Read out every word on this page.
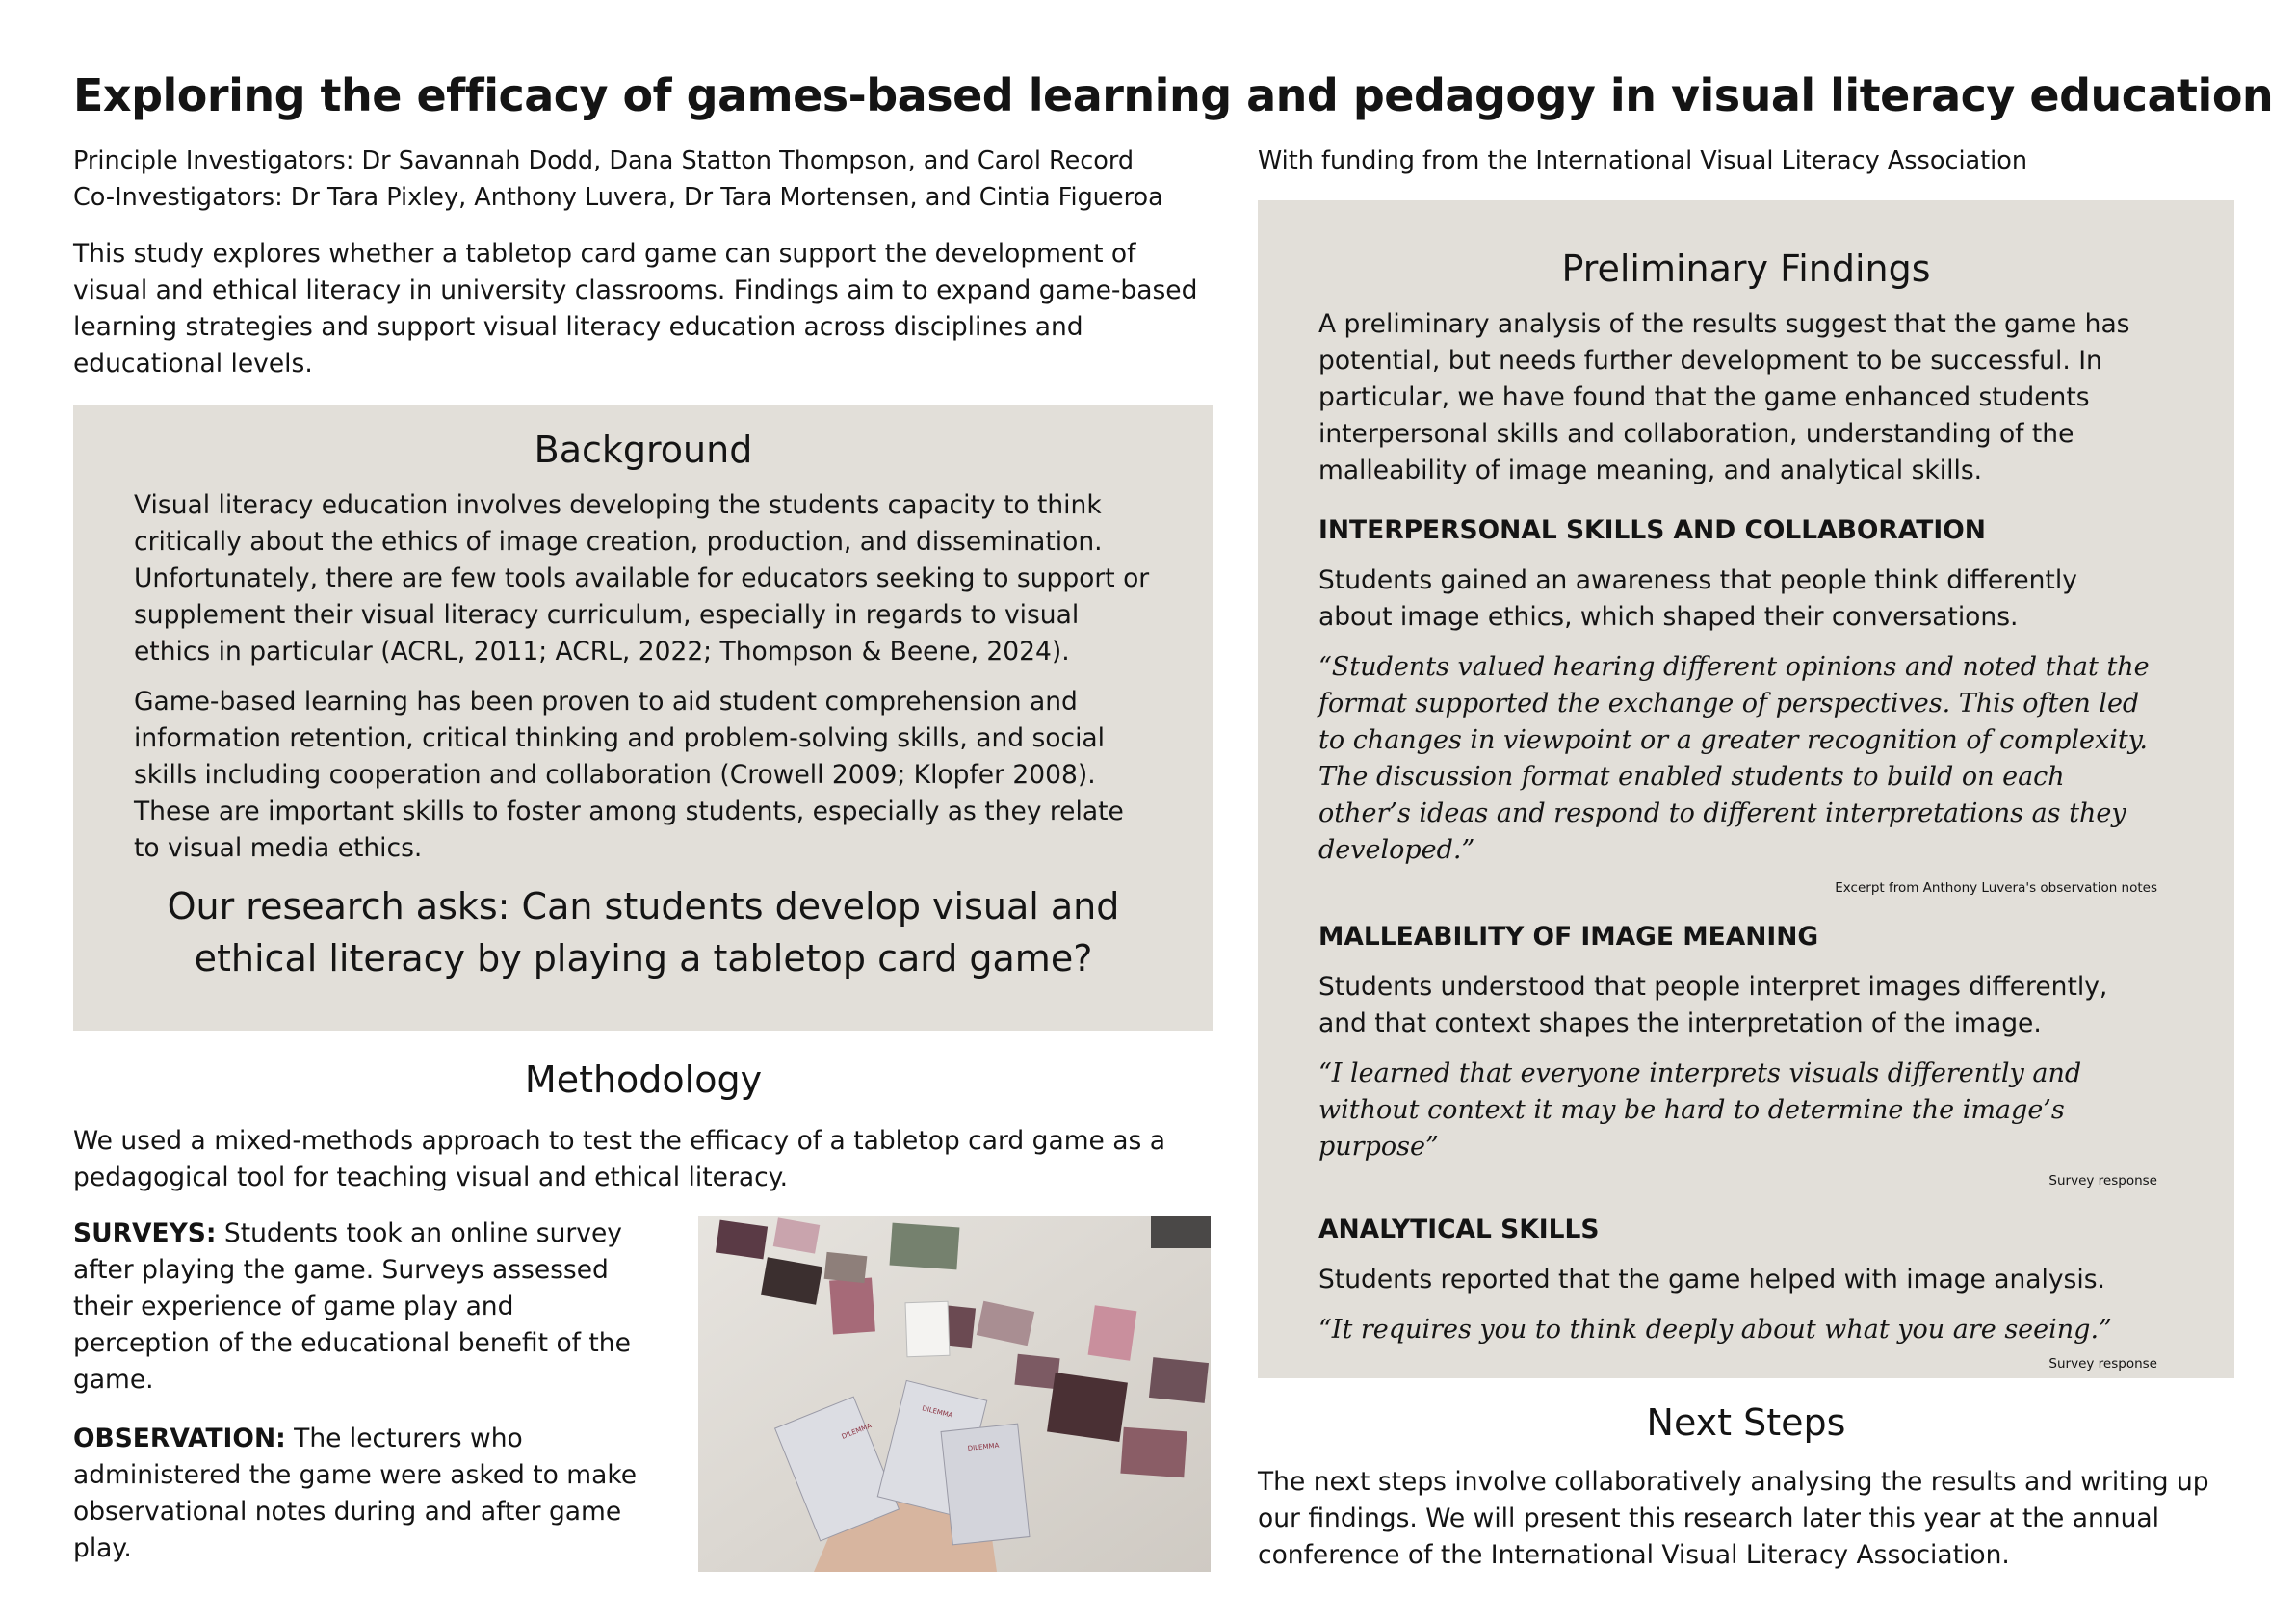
Exploring the efficacy of games-based learning and pedagogy in visual literacy education
Principle Investigators: Dr Savannah Dodd, Dana Statton Thompson, and Carol Record
Co-Investigators: Dr Tara Pixley, Anthony Luvera, Dr Tara Mortensen, and Cintia Figueroa
With funding from the International Visual Literacy Association
This study explores whether a tabletop card game can support the development of visual and ethical literacy in university classrooms. Findings aim to expand game-based learning strategies and support visual literacy education across disciplines and educational levels.
Background

Visual literacy education involves developing the students capacity to think critically about the ethics of image creation, production, and dissemination. Unfortunately, there are few tools available for educators seeking to support or supplement their visual literacy curriculum, especially in regards to visual ethics in particular (ACRL, 2011; ACRL, 2022; Thompson & Beene, 2024).

Game-based learning has been proven to aid student comprehension and information retention, critical thinking and problem-solving skills, and social skills including cooperation and collaboration (Crowell 2009; Klopfer 2008). These are important skills to foster among students, especially as they relate to visual media ethics.

Our research asks: Can students develop visual and ethical literacy by playing a tabletop card game?
Methodology
We used a mixed-methods approach to test the efficacy of a tabletop card game as a pedagogical tool for teaching visual and ethical literacy.
SURVEYS: Students took an online survey after playing the game. Surveys assessed their experience of game play and perception of the educational benefit of the game.
OBSERVATION: The lecturers who administered the game were asked to make observational notes during and after game play.
DILEMMA
DILEMMA
DILEMMA
Preliminary Findings
A preliminary analysis of the results suggest that the game has potential, but needs further development to be successful. In particular, we have found that the game enhanced students interpersonal skills and collaboration, understanding of the malleability of image meaning, and analytical skills.
INTERPERSONAL SKILLS AND COLLABORATION
Students gained an awareness that people think differently about image ethics, which shaped their conversations.
“Students valued hearing different opinions and noted that the format supported the exchange of perspectives. This often led to changes in viewpoint or a greater recognition of complexity. The discussion format enabled students to build on each other’s ideas and respond to different interpretations as they developed.”
Excerpt from Anthony Luvera's observation notes
MALLEABILITY OF IMAGE MEANING
Students understood that people interpret images differently, and that context shapes the interpretation of the image.
“I learned that everyone interprets visuals differently and without context it may be hard to determine the image’s purpose”
Survey response
ANALYTICAL SKILLS
Students reported that the game helped with image analysis.
“It requires you to think deeply about what you are seeing.”
Survey response
Next Steps
The next steps involve collaboratively analysing the results and writing up our findings. We will present this research later this year at the annual conference of the International Visual Literacy Association.
